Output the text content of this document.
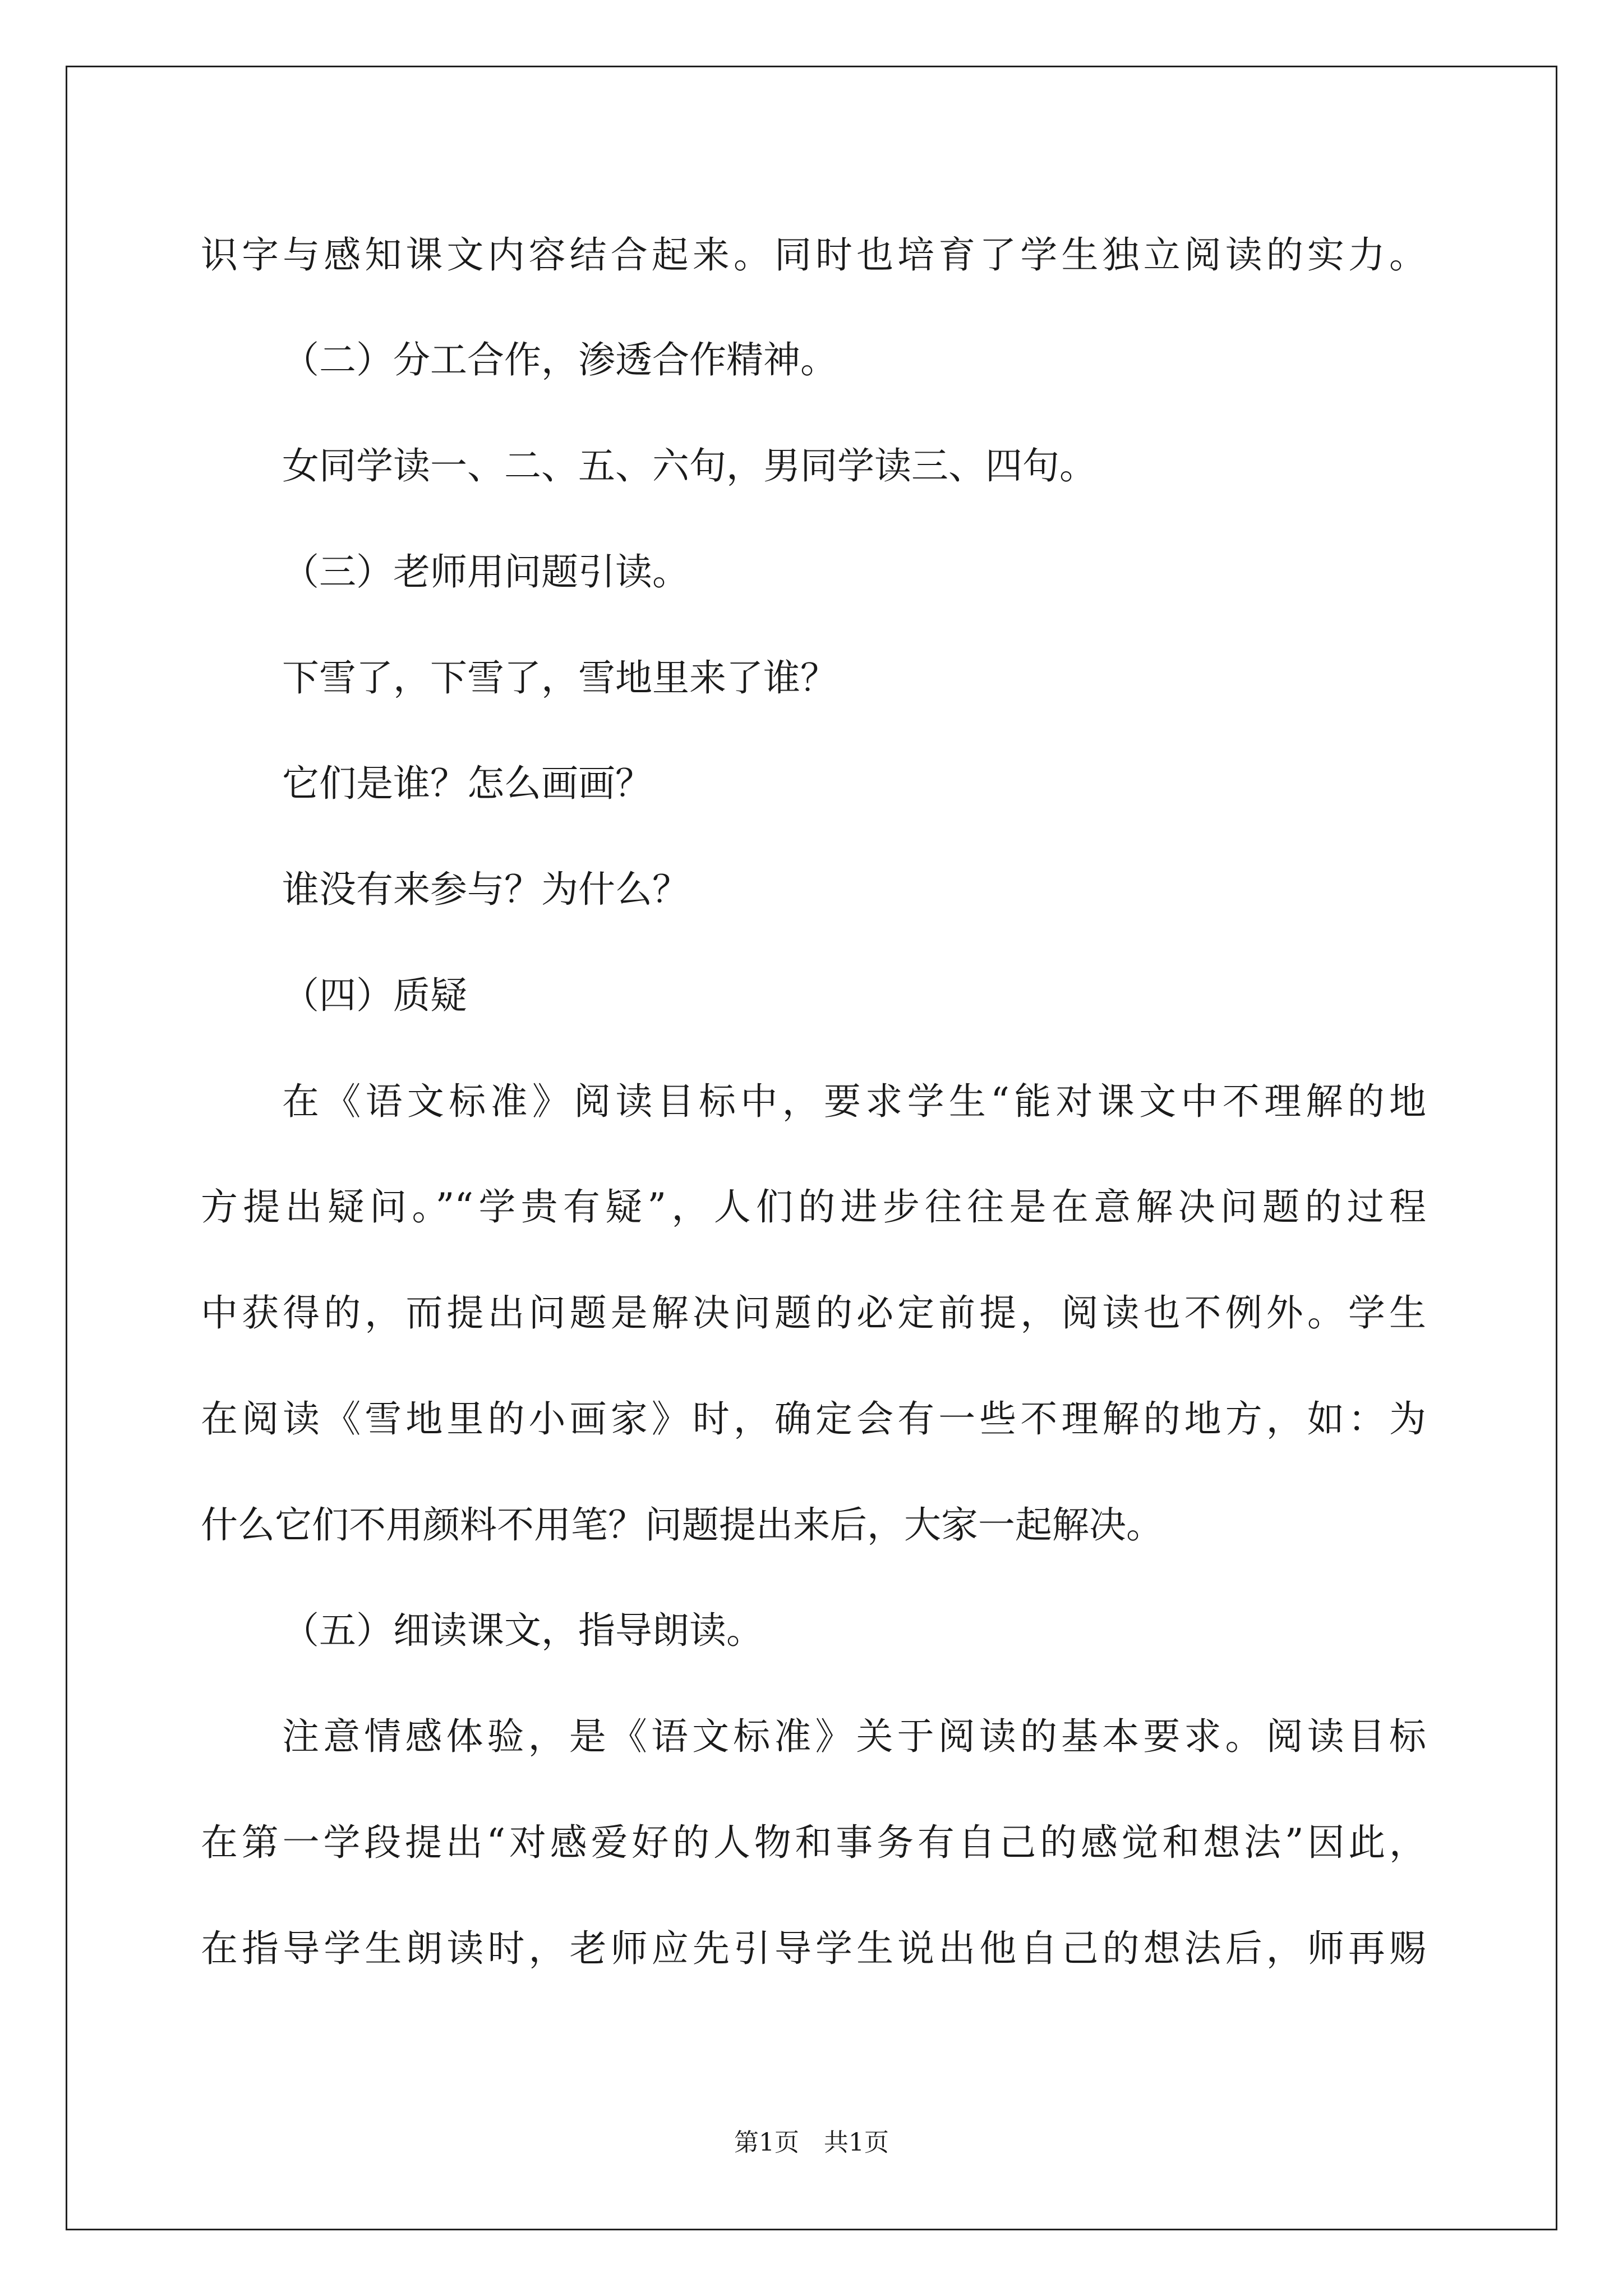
识字与感知课文内容结合起来。同时也培育了学生独立阅读的实力。
（二）分工合作，渗透合作精神。
女同学读一、二、五、六句，男同学读三、四句。
（三）老师用问题引读。
下雪了，下雪了，雪地里来了谁？
它们是谁？怎么画画？
谁没有来参与？为什么？
（四）质疑
在《语文标准》阅读目标中，要求学生“能对课文中不理解的地
方提出疑问。”“学贵有疑”，人们的进步往往是在意解决问题的过程
中获得的，而提出问题是解决问题的必定前提，阅读也不例外。学生
在阅读《雪地里的小画家》时，确定会有一些不理解的地方，如：为
什么它们不用颜料不用笔？问题提出来后，大家一起解决。
（五）细读课文，指导朗读。
注意情感体验，是《语文标准》关于阅读的基本要求。阅读目标
在第一学段提出“对感爱好的人物和事务有自己的感觉和想法”因此，
在指导学生朗读时，老师应先引导学生说出他自己的想法后，师再赐
第1页　共1页
